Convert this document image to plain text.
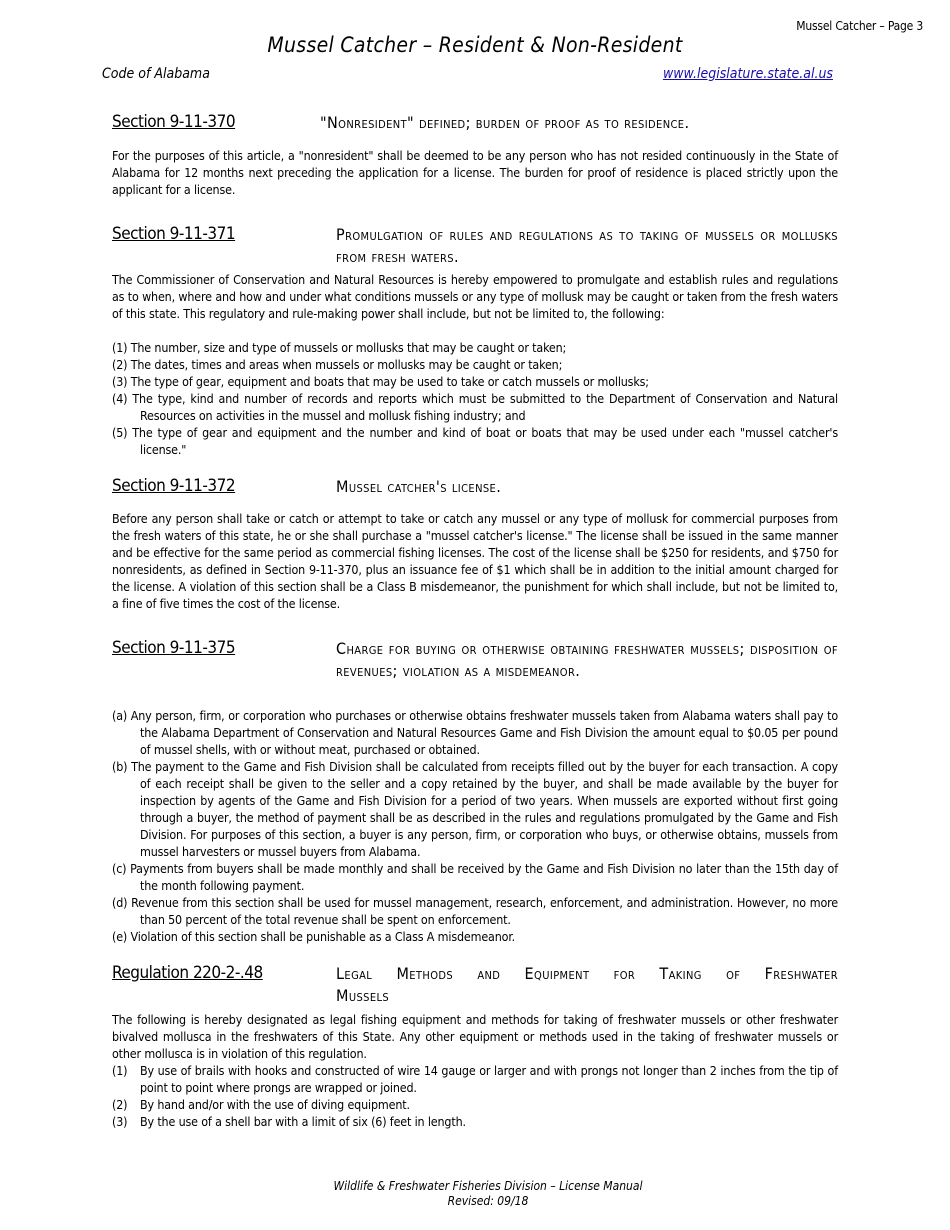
Mussel Catcher – Page 3
Mussel Catcher – Resident & Non-Resident
Code of Alabama	www.legislature.state.al.us
Section 9-11-370	"Nonresident" defined; burden of proof as to residence.
For the purposes of this article, a "nonresident" shall be deemed to be any person who has not resided continuously in the State of Alabama for 12 months next preceding the application for a license. The burden for proof of residence is placed strictly upon the applicant for a license.
Section 9-11-371	Promulgation of rules and regulations as to taking of mussels or mollusks from fresh waters.
The Commissioner of Conservation and Natural Resources is hereby empowered to promulgate and establish rules and regulations as to when, where and how and under what conditions mussels or any type of mollusk may be caught or taken from the fresh waters of this state. This regulatory and rule-making power shall include, but not be limited to, the following:
(1) The number, size and type of mussels or mollusks that may be caught or taken;
(2) The dates, times and areas when mussels or mollusks may be caught or taken;
(3) The type of gear, equipment and boats that may be used to take or catch mussels or mollusks;
(4) The type, kind and number of records and reports which must be submitted to the Department of Conservation and Natural Resources on activities in the mussel and mollusk fishing industry; and
(5) The type of gear and equipment and the number and kind of boat or boats that may be used under each "mussel catcher's license."
Section 9-11-372	Mussel catcher's license.
Before any person shall take or catch or attempt to take or catch any mussel or any type of mollusk for commercial purposes from the fresh waters of this state, he or she shall purchase a "mussel catcher's license." The license shall be issued in the same manner and be effective for the same period as commercial fishing licenses. The cost of the license shall be $250 for residents, and $750 for nonresidents, as defined in Section 9-11-370, plus an issuance fee of $1 which shall be in addition to the initial amount charged for the license. A violation of this section shall be a Class B misdemeanor, the punishment for which shall include, but not be limited to, a fine of five times the cost of the license.
Section 9-11-375	Charge for buying or otherwise obtaining freshwater mussels; disposition of revenues; violation as a misdemeanor.
(a) Any person, firm, or corporation who purchases or otherwise obtains freshwater mussels taken from Alabama waters shall pay to the Alabama Department of Conservation and Natural Resources Game and Fish Division the amount equal to $0.05 per pound of mussel shells, with or without meat, purchased or obtained.
(b) The payment to the Game and Fish Division shall be calculated from receipts filled out by the buyer for each transaction. A copy of each receipt shall be given to the seller and a copy retained by the buyer, and shall be made available by the buyer for inspection by agents of the Game and Fish Division for a period of two years. When mussels are exported without first going through a buyer, the method of payment shall be as described in the rules and regulations promulgated by the Game and Fish Division. For purposes of this section, a buyer is any person, firm, or corporation who buys, or otherwise obtains, mussels from mussel harvesters or mussel buyers from Alabama.
(c) Payments from buyers shall be made monthly and shall be received by the Game and Fish Division no later than the 15th day of the month following payment.
(d) Revenue from this section shall be used for mussel management, research, enforcement, and administration. However, no more than 50 percent of the total revenue shall be spent on enforcement.
(e) Violation of this section shall be punishable as a Class A misdemeanor.
Regulation 220-2-.48	Legal Methods and Equipment for Taking of Freshwater Mussels
The following is hereby designated as legal fishing equipment and methods for taking of freshwater mussels or other freshwater bivalved mollusca in the freshwaters of this State. Any other equipment or methods used in the taking of freshwater mussels or other mollusca is in violation of this regulation.
(1) By use of brails with hooks and constructed of wire 14 gauge or larger and with prongs not longer than 2 inches from the tip of point to point where prongs are wrapped or joined.
(2) By hand and/or with the use of diving equipment.
(3) By the use of a shell bar with a limit of six (6) feet in length.
Wildlife & Freshwater Fisheries Division – License Manual
Revised: 09/18
